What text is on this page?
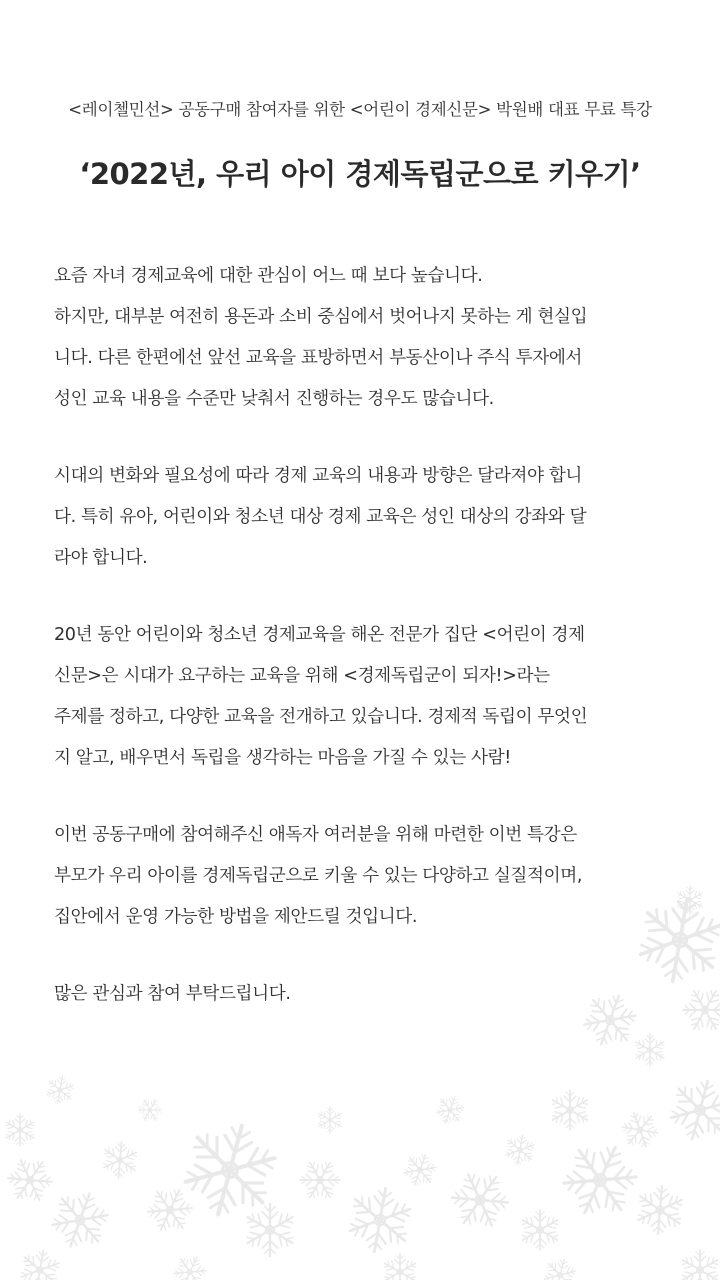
<레이첼민선> 공동구매 참여자를 위한 <어린이 경제신문> 박원배 대표 무료 특강
‘2022년, 우리 아이 경제독립군으로 키우기’
요즘 자녀 경제교육에 대한 관심이 어느 때 보다 높습니다.
하지만, 대부분 여전히 용돈과 소비 중심에서 벗어나지 못하는 게 현실입
니다. 다른 한편에선 앞선 교육을 표방하면서 부동산이나 주식 투자에서
성인 교육 내용을 수준만 낮춰서 진행하는 경우도 많습니다.
시대의 변화와 필요성에 따라 경제 교육의 내용과 방향은 달라져야 합니
다. 특히 유아, 어린이와 청소년 대상 경제 교육은 성인 대상의 강좌와 달
라야 합니다.
20년 동안 어린이와 청소년 경제교육을 해온 전문가 집단 <어린이 경제
신문>은 시대가 요구하는 교육을 위해 <경제독립군이 되자!>라는
주제를 정하고, 다양한 교육을 전개하고 있습니다. 경제적 독립이 무엇인
지 알고, 배우면서 독립을 생각하는 마음을 가질 수 있는 사람!
이번 공동구매에 참여해주신 애독자 여러분을 위해 마련한 이번 특강은
부모가 우리 아이를 경제독립군으로 키울 수 있는 다양하고 실질적이며,
집안에서 운영 가능한 방법을 제안드릴 것입니다.
많은 관심과 참여 부탁드립니다.
